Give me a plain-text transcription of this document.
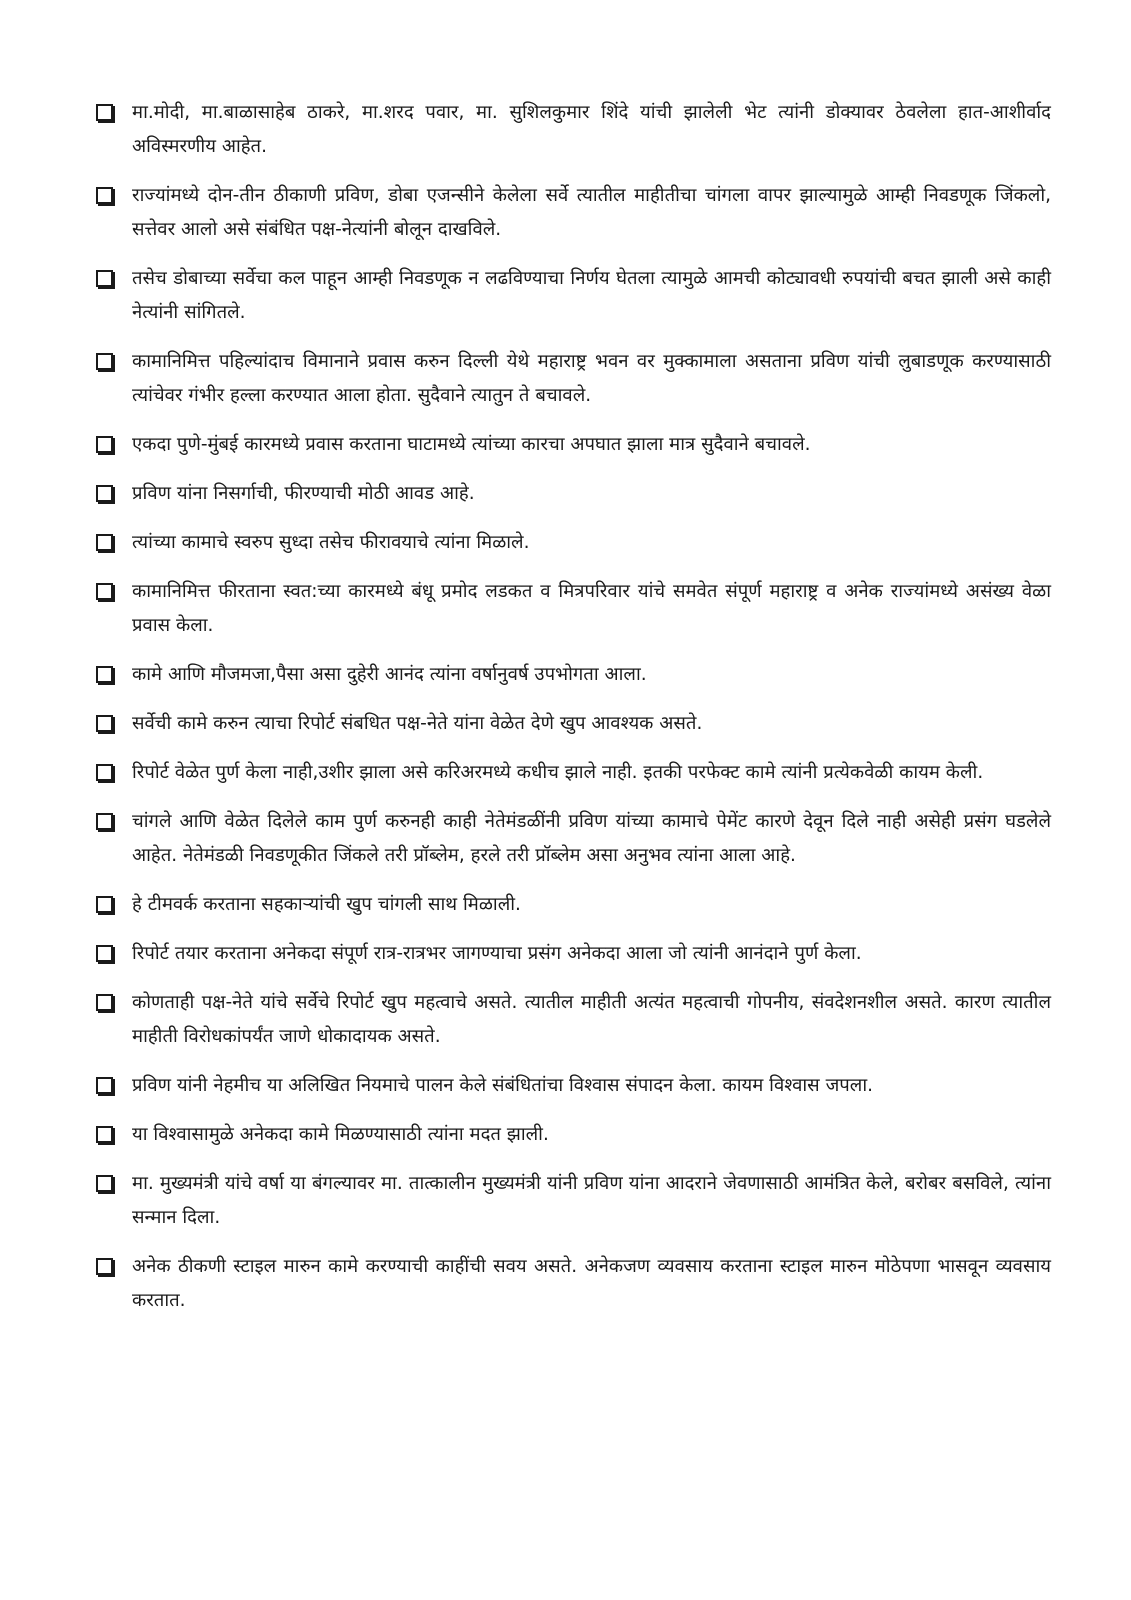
मा.मोदी, मा.बाळासाहेब ठाकरे, मा.शरद पवार, मा. सुशिलकुमार शिंदे यांची झालेली भेट त्यांनी डोक्यावर ठेवलेला हात-आशीर्वाद अविस्मरणीय आहेत.
राज्यांमध्ये दोन-तीन ठीकाणी प्रविण, डोबा एजन्सीने केलेला सर्वे त्यातील माहीतीचा चांगला वापर झाल्यामुळे आम्ही निवडणूक जिंकलो, सत्तेवर आलो असे संबंधित पक्ष-नेत्यांनी बोलून दाखविले.
तसेच डोबाच्या सर्वेचा कल पाहून आम्ही निवडणूक न लढविण्याचा निर्णय घेतला त्यामुळे आमची कोट्यावधी रुपयांची बचत झाली असे काही नेत्यांनी सांगितले.
कामानिमित्त पहिल्यांदाच विमानाने प्रवास करुन दिल्ली येथे महाराष्ट्र भवन वर मुक्कामाला असताना प्रविण यांची लुबाडणूक करण्यासाठी त्यांचेवर गंभीर हल्ला करण्यात आला होता. सुदैवाने त्यातुन ते बचावले.
एकदा पुणे-मुंबई कारमध्ये प्रवास करताना घाटामध्ये त्यांच्या कारचा अपघात झाला मात्र सुदैवाने बचावले.
प्रविण यांना निसर्गाची, फीरण्याची मोठी आवड आहे.
त्यांच्या कामाचे स्वरुप सुध्दा तसेच फीरावयाचे त्यांना मिळाले.
कामानिमित्त फीरताना स्वत:च्या कारमध्ये बंधू प्रमोद लडकत व मित्रपरिवार यांचे समवेत संपूर्ण महाराष्ट्र व अनेक राज्यांमध्ये असंख्य वेळा प्रवास केला.
कामे आणि मौजमजा,पैसा असा दुहेरी आनंद त्यांना वर्षानुवर्ष उपभोगता आला.
सर्वेची कामे करुन त्याचा रिपोर्ट संबधित पक्ष-नेते यांना वेळेत देणे खुप आवश्यक असते.
रिपोर्ट वेळेत पुर्ण केला नाही,उशीर झाला असे करिअरमध्ये कधीच झाले नाही. इतकी परफेक्ट कामे त्यांनी प्रत्येकवेळी कायम केली.
चांगले आणि वेळेत दिलेले काम पुर्ण करुनही काही नेतेमंडळींनी प्रविण यांच्या कामाचे पेमेंट कारणे देवून दिले नाही असेही प्रसंग घडलेले आहेत. नेतेमंडळी निवडणूकीत जिंकले तरी प्रॉब्लेम, हरले तरी प्रॉब्लेम असा अनुभव त्यांना आला आहे.
हे टीमवर्क करताना सहकाऱ्यांची खुप चांगली साथ मिळाली.
रिपोर्ट तयार करताना अनेकदा संपूर्ण रात्र-रात्रभर जागण्याचा प्रसंग अनेकदा आला जो त्यांनी आनंदाने पुर्ण केला.
कोणताही पक्ष-नेते यांचे सर्वेचे रिपोर्ट खुप महत्वाचे असते. त्यातील माहीती अत्यंत महत्वाची गोपनीय, संवदेशनशील असते. कारण त्यातील माहीती विरोधकांपर्यंत जाणे धोकादायक असते.
प्रविण यांनी नेहमीच या अलिखित नियमाचे पालन केले संबंधितांचा विश्वास संपादन केला. कायम विश्वास जपला.
या विश्वासामुळे अनेकदा कामे मिळण्यासाठी त्यांना मदत झाली.
मा. मुख्यमंत्री यांचे वर्षा या बंगल्यावर मा. तात्कालीन मुख्यमंत्री यांनी प्रविण यांना आदराने जेवणासाठी आमंत्रित केले, बरोबर बसविले, त्यांना सन्मान दिला.
अनेक ठीकणी स्टाइल मारुन कामे करण्याची काहींची सवय असते. अनेकजण व्यवसाय करताना स्टाइल मारुन मोठेपणा भासवून व्यवसाय करतात.
